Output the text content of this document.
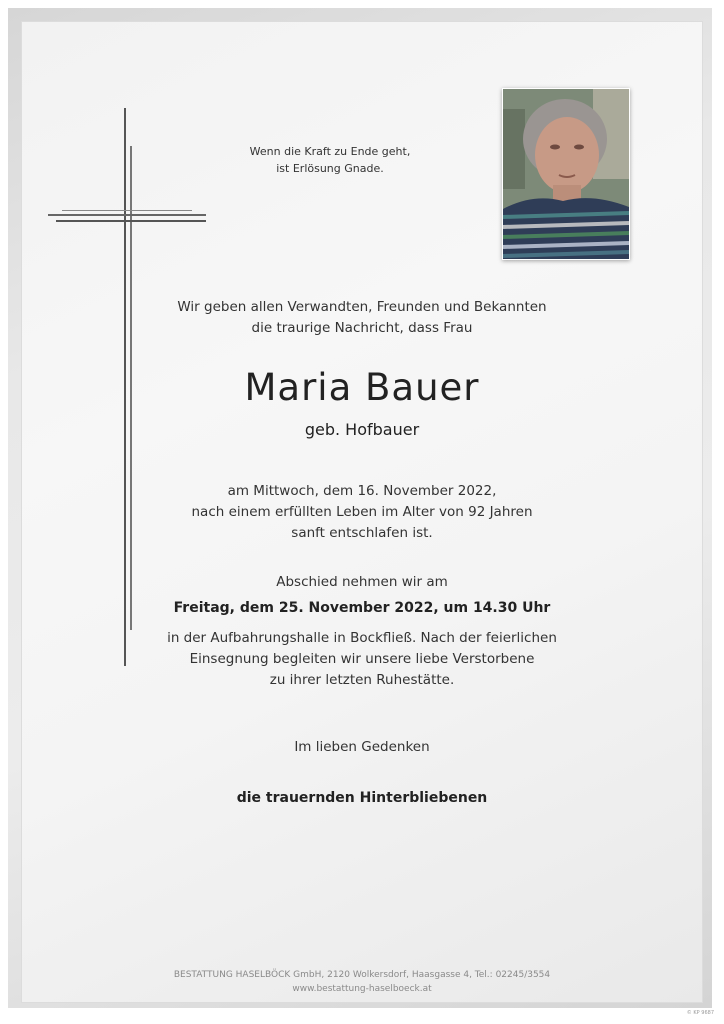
Wenn die Kraft zu Ende geht,
ist Erlösung Gnade.
Wir geben allen Verwandten, Freunden und Bekannten
die traurige Nachricht, dass Frau
Maria Bauer
geb. Hofbauer
am Mittwoch, dem 16. November 2022,
nach einem erfüllten Leben im Alter von 92 Jahren
sanft entschlafen ist.
Abschied nehmen wir am
Freitag, dem 25. November 2022, um 14.30 Uhr
in der Aufbahrungshalle in Bockfließ. Nach der feierlichen
Einsegnung begleiten wir unsere liebe Verstorbene
zu ihrer letzten Ruhestätte.
Im lieben Gedenken
die trauernden Hinterbliebenen
BESTATTUNG HASELBÖCK GmbH, 2120 Wolkersdorf, Haasgasse 4, Tel.: 02245/3554
www.bestattung-haselboeck.at
© KP 9687
